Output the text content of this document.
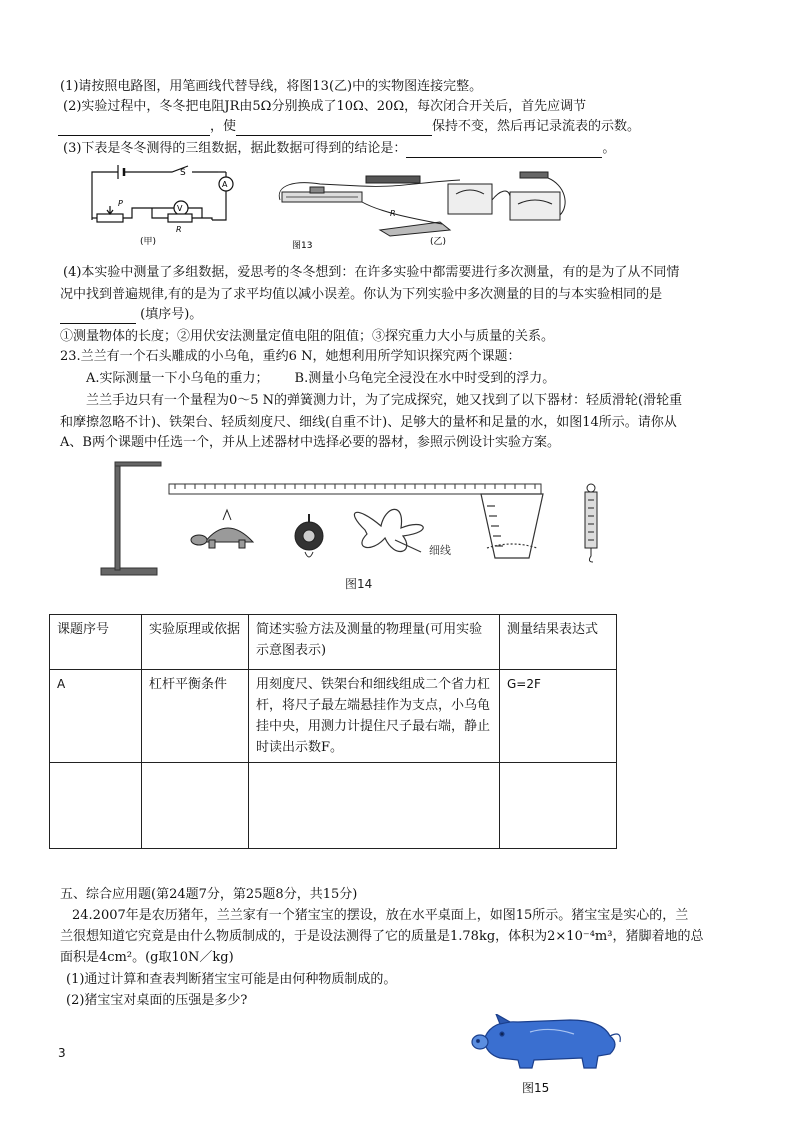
(1)请按照电路图，用笔画线代替导线，将图13(乙)中的实物图连接完整。
(2)实验过程中，冬冬把电阻JR由5Ω分别换成了10Ω、20Ω，每次闭合开关后，首先应调节
，使	保持不变，然后再记录流表的示数。
(3)下表是冬冬测得的三组数据，据此数据可得到的结论是：	。
S
A
V
P
R
(甲)
R
(乙)
图13
(4)本实验中测量了多组数据，爱思考的冬冬想到：在许多实验中都需要进行多次测量，有的是为了从不同情
况中找到普遍规律,有的是为了求平均值以减小误差。你认为下列实验中多次测量的目的与本实验相同的是
(填序号)。
①测量物体的长度；②用伏安法测量定值电阻的阻值；③探究重力大小与质量的关系。
23.兰兰有一个石头雕成的小乌龟，重约6 N，她想利用所学知识探究两个课题：
A.实际测量一下小乌龟的重力； B.测量小乌龟完全浸没在水中时受到的浮力。
兰兰手边只有一个量程为0～5 N的弹簧测力计，为了完成探究，她又找到了以下器材：轻质滑轮(滑轮重
和摩擦忽略不计)、铁架台、轻质刻度尺、细线(自重不计)、足够大的量杯和足量的水，如图14所示。请你从
A、B两个课题中任选一个，并从上述器材中选择必要的器材，参照示例设计实验方案。
细线
图14
课题序号	实验原理或依据	简述实验方法及测量的物理量(可用实验示意图表示)	测量结果表达式
A	杠杆平衡条件	用刻度尺、铁架台和细线组成二个省力杠杆，将尺子最左端悬挂作为支点，小乌龟挂中央，用测力计提住尺子最右端，静止时读出示数F。	G=2F

五、综合应用题(第24题7分，第25题8分，共15分)
24.2007年是农历猪年，兰兰家有一个猪宝宝的摆设，放在水平桌面上，如图15所示。猪宝宝是实心的，兰
兰很想知道它究竟是由什么物质制成的，于是设法测得了它的质量是1.78kg，体积为2×10⁻⁴m³，猪脚着地的总
面积是4cm²。(g取10N／kg)
(1)通过计算和查表判断猪宝宝可能是由何种物质制成的。
(2)猪宝宝对桌面的压强是多少?
图15
3
